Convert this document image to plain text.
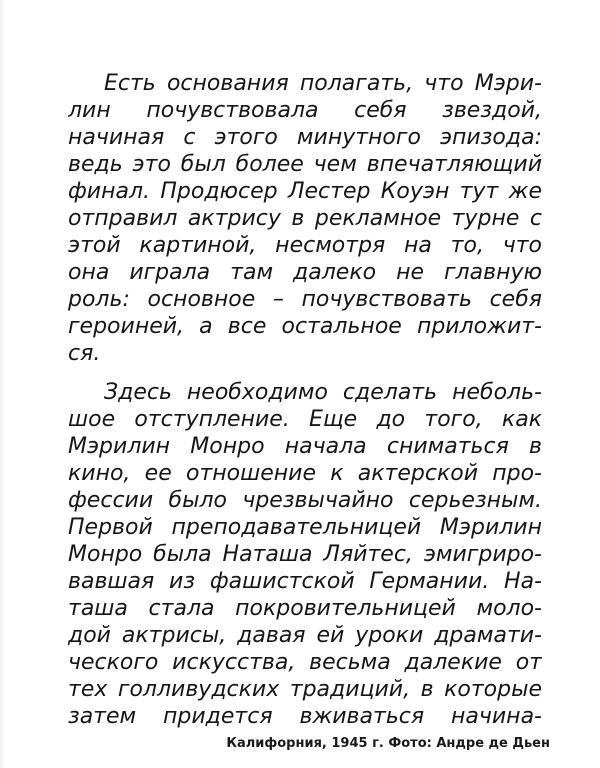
Есть основания полагать, что Мэри-
лин почувствовала себя звездой,
начиная с этого минутного эпизода:
ведь это был более чем впечатляющий
финал. Продюсер Лестер Коуэн тут же
отправил актрису в рекламное турне с
этой картиной, несмотря на то, что
она играла там далеко не главную
роль: основное – почувствовать себя
героиней, а все остальное приложит-
ся.

Здесь необходимо сделать неболь-
шое отступление. Еще до того, как
Мэрилин Монро начала сниматься в
кино, ее отношение к актерской про-
фессии было чрезвычайно серьезным.
Первой преподавательницей Мэрилин
Монро была Наташа Ляйтес, эмигриро-
вавшая из фашистской Германии. На-
таша стала покровительницей моло-
дой актрисы, давая ей уроки драмати-
ческого искусства, весьма далекие от
тех голливудских традиций, в которые
затем придется вживаться начина-

Калифорния, 1945 г. Фото: Андре де Дьен
